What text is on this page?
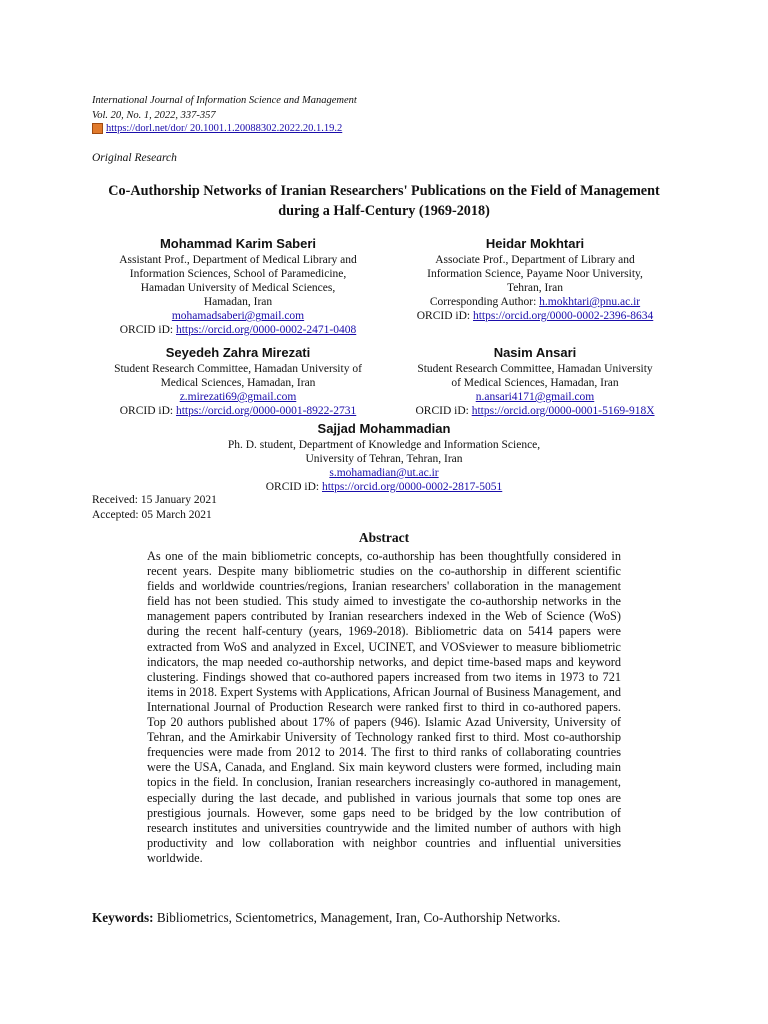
International Journal of Information Science and Management
Vol. 20, No. 1, 2022, 337-357
https://dorl.net/dor/ 20.1001.1.20088302.2022.20.1.19.2
Original Research
Co-Authorship Networks of Iranian Researchers' Publications on the Field of Management during a Half-Century (1969-2018)
Mohammad Karim Saberi
Assistant Prof., Department of Medical Library and
Information Sciences, School of Paramedicine,
Hamadan University of Medical Sciences,
Hamadan, Iran
mohamadsaberi@gmail.com
ORCID iD: https://orcid.org/0000-0002-2471-0408
Heidar Mokhtari
Associate Prof., Department of Library and
Information Science, Payame Noor University,
Tehran, Iran
Corresponding Author: h.mokhtari@pnu.ac.ir
ORCID iD: https://orcid.org/0000-0002-2396-8634
Seyedeh Zahra Mirezati
Student Research Committee, Hamadan University of
Medical Sciences, Hamadan, Iran
z.mirezati69@gmail.com
ORCID iD: https://orcid.org/0000-0001-8922-2731
Nasim Ansari
Student Research Committee, Hamadan University
of Medical Sciences, Hamadan, Iran
n.ansari4171@gmail.com
ORCID iD: https://orcid.org/0000-0001-5169-918X
Sajjad Mohammadian
Ph. D. student, Department of Knowledge and Information Science,
University of Tehran, Tehran, Iran
s.mohamadian@ut.ac.ir
ORCID iD: https://orcid.org/0000-0002-2817-5051
Received: 15 January 2021
Accepted: 05 March 2021
Abstract
As one of the main bibliometric concepts, co-authorship has been thoughtfully considered in recent years. Despite many bibliometric studies on the co-authorship in different scientific fields and worldwide countries/regions, Iranian researchers' collaboration in the management field has not been studied. This study aimed to investigate the co-authorship networks in the management papers contributed by Iranian researchers indexed in the Web of Science (WoS) during the recent half-century (years, 1969-2018). Bibliometric data on 5414 papers were extracted from WoS and analyzed in Excel, UCINET, and VOSviewer to measure bibliometric indicators, the map needed co-authorship networks, and depict time-based maps and keyword clustering. Findings showed that co-authored papers increased from two items in 1973 to 721 items in 2018. Expert Systems with Applications, African Journal of Business Management, and International Journal of Production Research were ranked first to third in co-authored papers. Top 20 authors published about 17% of papers (946). Islamic Azad University, University of Tehran, and the Amirkabir University of Technology ranked first to third. Most co-authorship frequencies were made from 2012 to 2014. The first to third ranks of collaborating countries were the USA, Canada, and England. Six main keyword clusters were formed, including main topics in the field. In conclusion, Iranian researchers increasingly co-authored in management, especially during the last decade, and published in various journals that some top ones are prestigious journals. However, some gaps need to be bridged by the low contribution of research institutes and universities countrywide and the limited number of authors with high productivity and low collaboration with neighbor countries and influential universities worldwide.
Keywords: Bibliometrics, Scientometrics, Management, Iran, Co-Authorship Networks.
